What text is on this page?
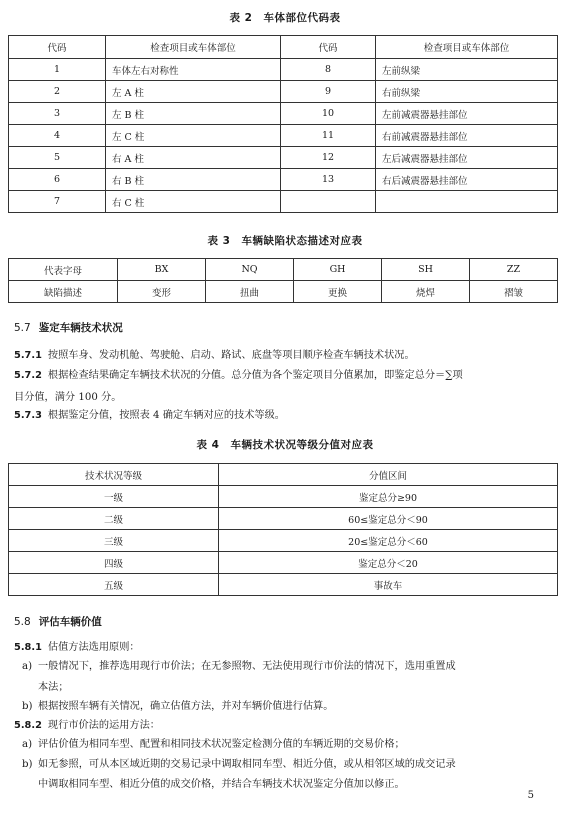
表 2　车体部位代码表
代码	检查项目或车体部位	代码	检查项目或车体部位
1	车体左右对称性	8	左前纵梁
2	左 A 柱	9	右前纵梁
3	左 B 柱	10	左前减震器悬挂部位
4	左 C 柱	11	右前减震器悬挂部位
5	右 A 柱	12	左后减震器悬挂部位
6	右 B 柱	13	右后减震器悬挂部位
7	右 C 柱		
表 3　车辆缺陷状态描述对应表
代表字母	BX	NQ	GH	SH	ZZ
缺陷描述	变形	扭曲	更换	烧焊	褶皱
5.7 鉴定车辆技术状况
5.7.1 按照车身、发动机舱、驾驶舱、启动、路试、底盘等项目顺序检查车辆技术状况。
5.7.2 根据检查结果确定车辆技术状况的分值。总分值为各个鉴定项目分值累加，即鉴定总分＝∑项
目分值，满分 100 分。
5.7.3 根据鉴定分值，按照表 4 确定车辆对应的技术等级。
表 4　车辆技术状况等级分值对应表
技术状况等级	分值区间
一级	鉴定总分≥90
二级	60≤鉴定总分＜90
三级	20≤鉴定总分＜60
四级	鉴定总分＜20
五级	事故车
5.8 评估车辆价值
5.8.1 估值方法选用原则：
a) 一般情况下，推荐选用现行市价法；在无参照物、无法使用现行市价法的情况下，选用重置成
本法；
b) 根据按照车辆有关情况，确立估值方法，并对车辆价值进行估算。
5.8.2 现行市价法的运用方法：
a) 评估价值为相同车型、配置和相同技术状况鉴定检测分值的车辆近期的交易价格；
b) 如无参照，可从本区域近期的交易记录中调取相同车型、相近分值，或从相邻区域的成交记录
中调取相同车型、相近分值的成交价格，并结合车辆技术状况鉴定分值加以修正。
5
